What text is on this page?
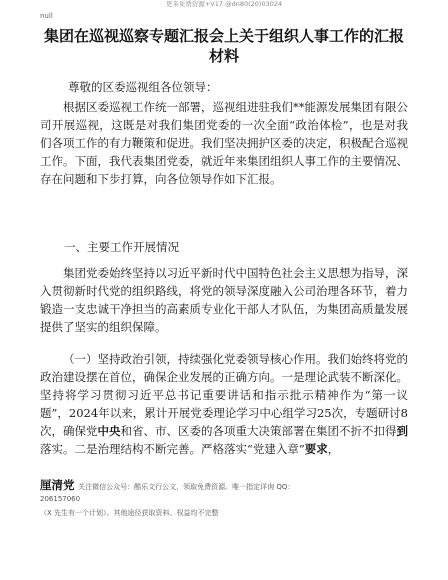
更多免费资源+V17 @dn80(20)03024
null
集团在巡视巡察专题汇报会上关于组织人事工作的汇报材料
尊敬的区委巡视组各位领导：

根据区委巡视工作统一部署，巡视组进驻我们**能源发展集团有限公司开展巡视，这既是对我们集团党委的一次全面“政治体检”，也是对我们各项工作的有力鞭策和促进。我们坚决拥护区委的决定，积极配合巡视工作。下面，我代表集团党委，就近年来集团组织人事工作的主要情况、存在问题和下步打算，向各位领导作如下汇报。

一、主要工作开展情况

集团党委始终坚持以习近平新时代中国特色社会主义思想为指导，深入贯彻新时代党的组织路线，将党的领导深度融入公司治理各环节，着力锻造一支忠诚干净担当的高素质专业化干部人才队伍，为集团高质量发展提供了坚实的组织保障。

（一）坚持政治引领，持续强化党委领导核心作用。我们始终将党的政治建设摆在首位，确保企业发展的正确方向。一是理论武装不断深化。坚持将学习贯彻习近平总书记重要讲话和指示批示精神作为“第一议题”，2024年以来，累计开展党委理论学习中心组学习25次，专题研讨8次，确保党中央和省、市、区委的各项重大决策部署在集团不折不扣得到落实。二是治理结构不断完善。严格落实“党建入章”要求，

厘清党 关注微信公众号：酷乐文行公文，领取免费资源。唯一指定详询 QQ：
206157060
（X 先生有一个计划）。其他途径获取资料、权益均不完整
